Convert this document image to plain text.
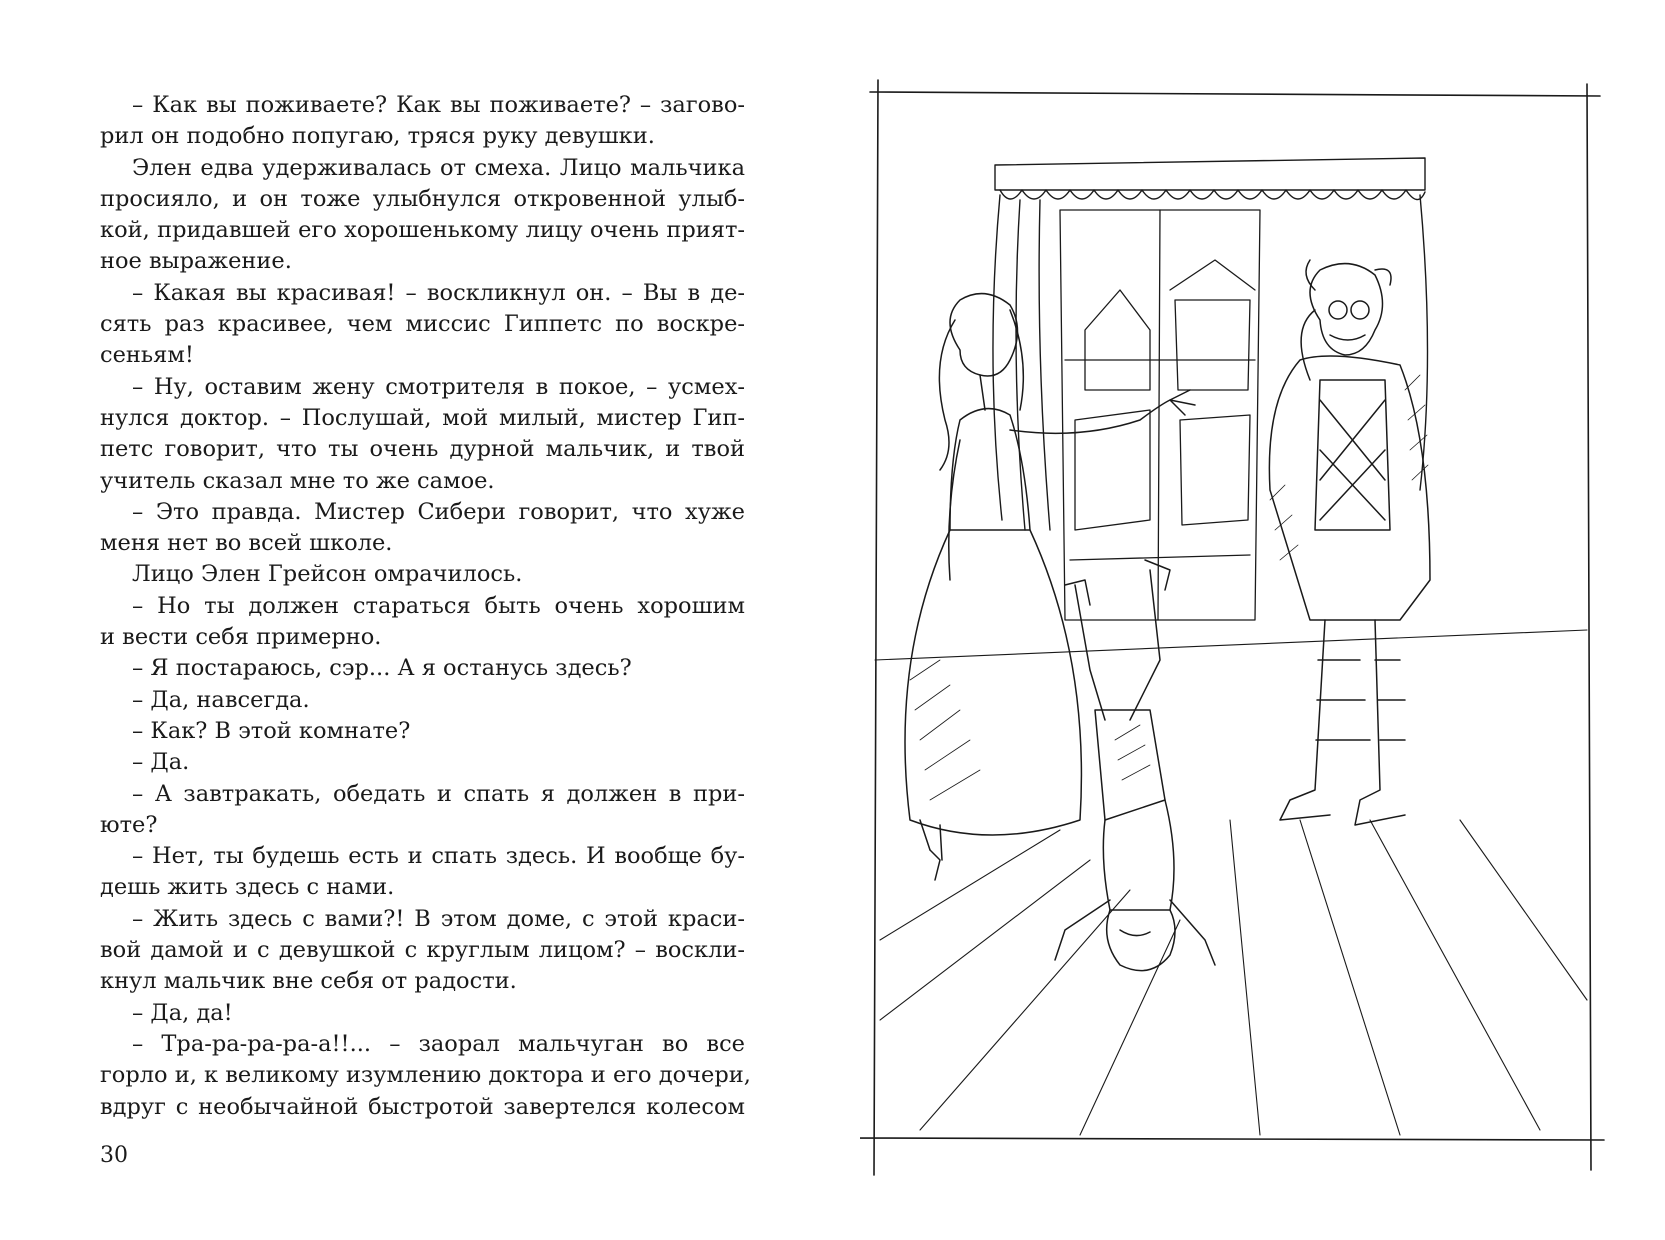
– Как вы поживаете? Как вы поживаете? – загово-
рил он подобно попугаю, тряся руку девушки.
Элен едва удерживалась от смеха. Лицо мальчика
просияло, и он тоже улыбнулся откровенной улыб-
кой, придавшей его хорошенькому лицу очень прият-
ное выражение.
– Какая вы красивая! – воскликнул он. – Вы в де-
сять раз красивее, чем миссис Гиппетс по воскре-
сеньям!
– Ну, оставим жену смотрителя в покое, – усмех-
нулся доктор. – Послушай, мой милый, мистер Гип-
петс говорит, что ты очень дурной мальчик, и твой
учитель сказал мне то же самое.
– Это правда. Мистер Сибери говорит, что хуже
меня нет во всей школе.
Лицо Элен Грейсон омрачилось.
– Но ты должен стараться быть очень хорошим
и вести себя примерно.
– Я постараюсь, сэр... А я останусь здесь?
– Да, навсегда.
– Как? В этой комнате?
– Да.
– А завтракать, обедать и спать я должен в при-
юте?
– Нет, ты будешь есть и спать здесь. И вообще бу-
дешь жить здесь с нами.
– Жить здесь с вами?! В этом доме, с этой краси-
вой дамой и с девушкой с круглым лицом? – воскли-
кнул мальчик вне себя от радости.
– Да, да!
– Тра-ра-ра-ра-а!!... – заорал мальчуган во все
горло и, к великому изумлению доктора и его дочери,
вдруг с необычайной быстротой завертелся колесом
30
